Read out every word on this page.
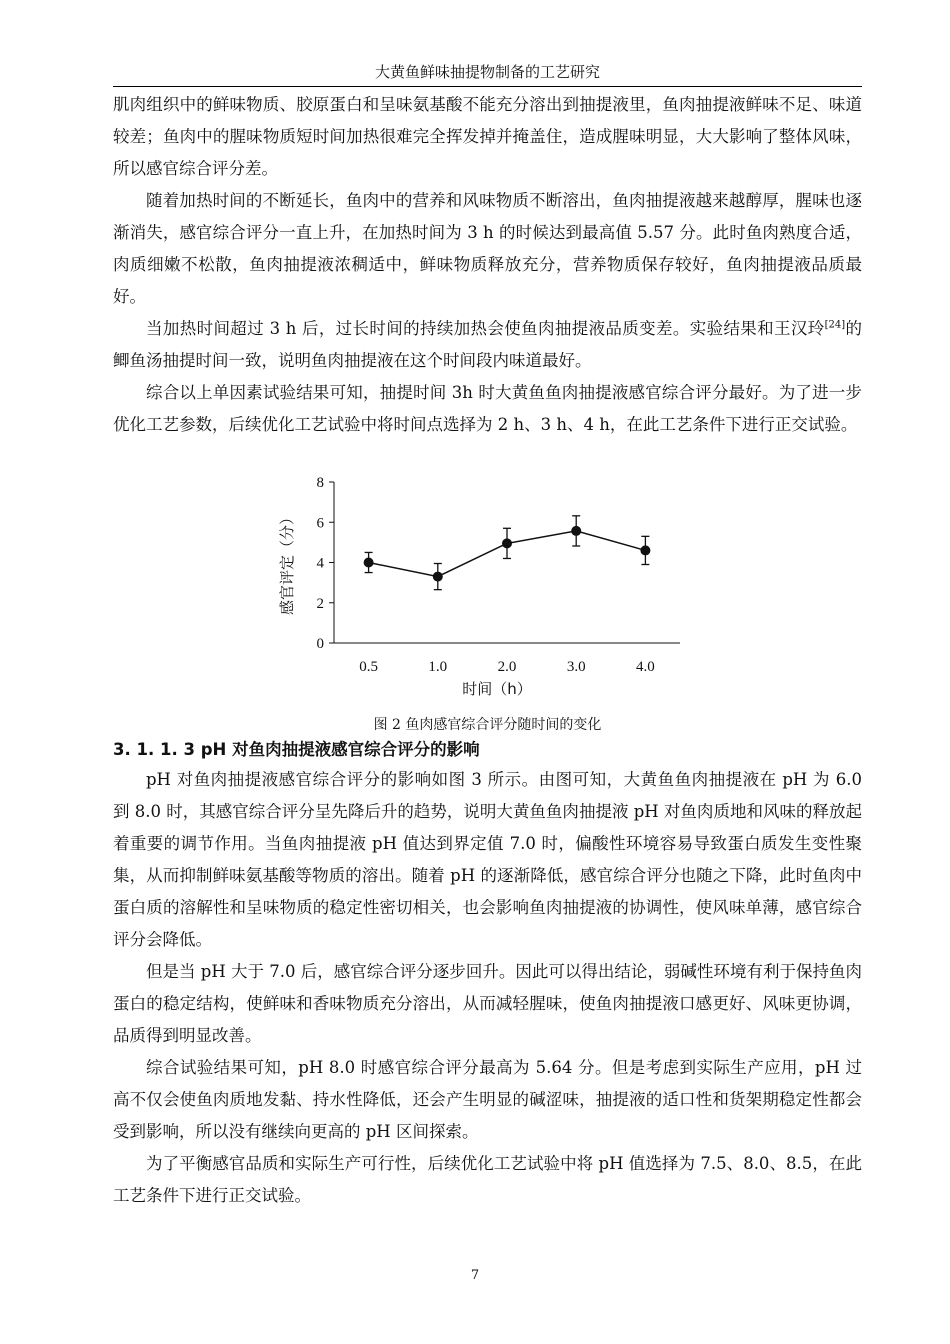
大黄鱼鲜味抽提物制备的工艺研究

肌肉组织中的鲜味物质、胶原蛋白和呈味氨基酸不能充分溶出到抽提液里，鱼肉抽提液鲜味不足、味道较差；鱼肉中的腥味物质短时间加热很难完全挥发掉并掩盖住，造成腥味明显，大大影响了整体风味，所以感官综合评分差。

随着加热时间的不断延长，鱼肉中的营养和风味物质不断溶出，鱼肉抽提液越来越醇厚，腥味也逐渐消失，感官综合评分一直上升，在加热时间为 3 h 的时候达到最高值 5.57 分。此时鱼肉熟度合适，肉质细嫩不松散，鱼肉抽提液浓稠适中，鲜味物质释放充分，营养物质保存较好，鱼肉抽提液品质最好。

当加热时间超过 3 h 后，过长时间的持续加热会使鱼肉抽提液品质变差。实验结果和王汉玲[24]的鲫鱼汤抽提时间一致，说明鱼肉抽提液在这个时间段内味道最好。

综合以上单因素试验结果可知，抽提时间 3h 时大黄鱼鱼肉抽提液感官综合评分最好。为了进一步优化工艺参数，后续优化工艺试验中将时间点选择为 2 h、3 h、4 h，在此工艺条件下进行正交试验。

0
2
4
6
8
0.5	1.0	2.0	3.0	4.0
时间（h）
感官评定（分）
图 2 鱼肉感官综合评分随时间的变化
3. 1. 1. 3 pH 对鱼肉抽提液感官综合评分的影响

pH 对鱼肉抽提液感官综合评分的影响如图 3 所示。由图可知，大黄鱼鱼肉抽提液在 pH 为 6.0 到 8.0 时，其感官综合评分呈先降后升的趋势，说明大黄鱼鱼肉抽提液 pH 对鱼肉质地和风味的释放起着重要的调节作用。当鱼肉抽提液 pH 值达到界定值 7.0 时，偏酸性环境容易导致蛋白质发生变性聚集，从而抑制鲜味氨基酸等物质的溶出。随着 pH 的逐渐降低，感官综合评分也随之下降，此时鱼肉中蛋白质的溶解性和呈味物质的稳定性密切相关，也会影响鱼肉抽提液的协调性，使风味单薄，感官综合评分会降低。

但是当 pH 大于 7.0 后，感官综合评分逐步回升。因此可以得出结论，弱碱性环境有利于保持鱼肉蛋白的稳定结构，使鲜味和香味物质充分溶出，从而减轻腥味，使鱼肉抽提液口感更好、风味更协调，品质得到明显改善。

综合试验结果可知，pH 8.0 时感官综合评分最高为 5.64 分。但是考虑到实际生产应用，pH 过高不仅会使鱼肉质地发黏、持水性降低，还会产生明显的碱涩味，抽提液的适口性和货架期稳定性都会受到影响，所以没有继续向更高的 pH 区间探索。

为了平衡感官品质和实际生产可行性，后续优化工艺试验中将 pH 值选择为 7.5、8.0、8.5，在此工艺条件下进行正交试验。

7
